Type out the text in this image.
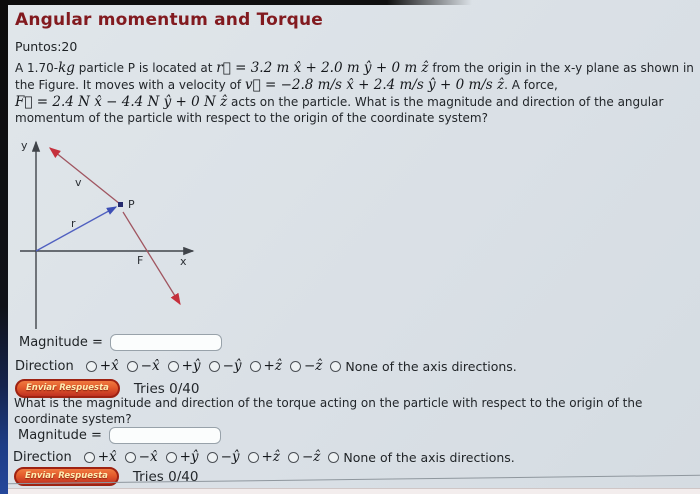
Angular momentum and Torque
Puntos:20
A 1.70-kg particle P is located at r⃗ = 3.2 m x̂ + 2.0 m ŷ + 0 m ẑ from the origin in the x-y plane as shown in
the Figure. It moves with a velocity of v⃗ = −2.8 m/s x̂ + 2.4 m/s ŷ + 0 m/s ẑ. A force,
F⃗ = 2.4 N x̂ − 4.4 N ŷ + 0 N ẑ acts on the particle. What is the magnitude and direction of the angular
momentum of the particle with respect to the origin of the coordinate system?
y
x
v
r
P
F
Magnitude =
Direction +x̂ −x̂ +ŷ −ŷ +ẑ −ẑ None of the axis directions.
Enviar Respuesta	Tries 0/40
What is the magnitude and direction of the torque acting on the particle with respect to the origin of the
coordinate system?
Magnitude =
Direction +x̂ −x̂ +ŷ −ŷ +ẑ −ẑ None of the axis directions.
Enviar Respuesta	Tries 0/40
